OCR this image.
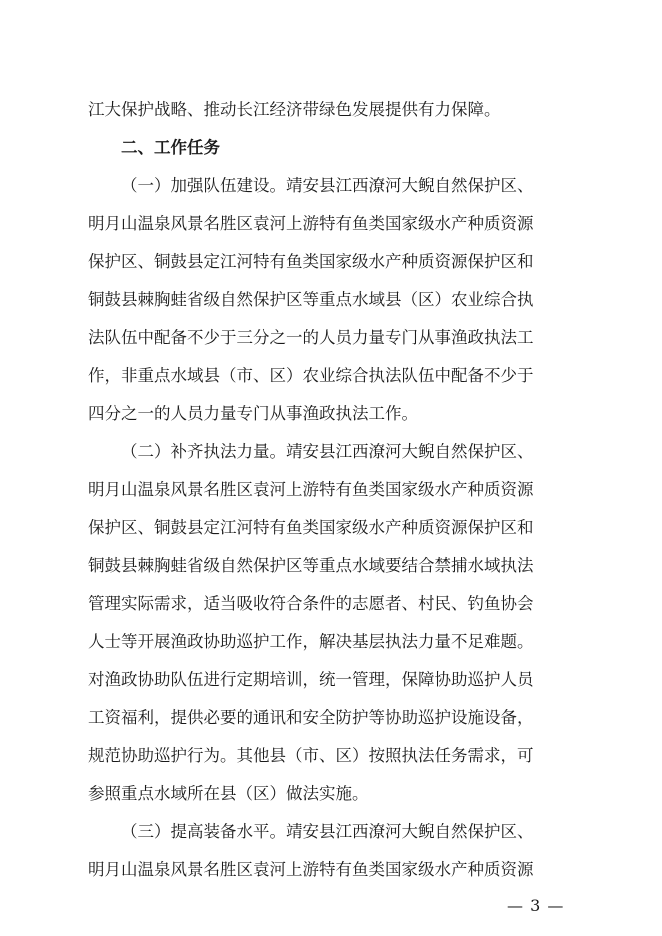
江大保护战略、推动长江经济带绿色发展提供有力保障。
二、工作任务
（一）加强队伍建设。靖安县江西潦河大鲵自然保护区、
明月山温泉风景名胜区袁河上游特有鱼类国家级水产种质资源
保护区、铜鼓县定江河特有鱼类国家级水产种质资源保护区和
铜鼓县棘胸蛙省级自然保护区等重点水域县（区）农业综合执
法队伍中配备不少于三分之一的人员力量专门从事渔政执法工
作，非重点水域县（市、区）农业综合执法队伍中配备不少于
四分之一的人员力量专门从事渔政执法工作。
（二）补齐执法力量。靖安县江西潦河大鲵自然保护区、
明月山温泉风景名胜区袁河上游特有鱼类国家级水产种质资源
保护区、铜鼓县定江河特有鱼类国家级水产种质资源保护区和
铜鼓县棘胸蛙省级自然保护区等重点水域要结合禁捕水域执法
管理实际需求，适当吸收符合条件的志愿者、村民、钓鱼协会
人士等开展渔政协助巡护工作，解决基层执法力量不足难题。
对渔政协助队伍进行定期培训，统一管理，保障协助巡护人员
工资福利，提供必要的通讯和安全防护等协助巡护设施设备，
规范协助巡护行为。其他县（市、区）按照执法任务需求，可
参照重点水域所在县（区）做法实施。
（三）提高装备水平。靖安县江西潦河大鲵自然保护区、
明月山温泉风景名胜区袁河上游特有鱼类国家级水产种质资源
— 3 —
